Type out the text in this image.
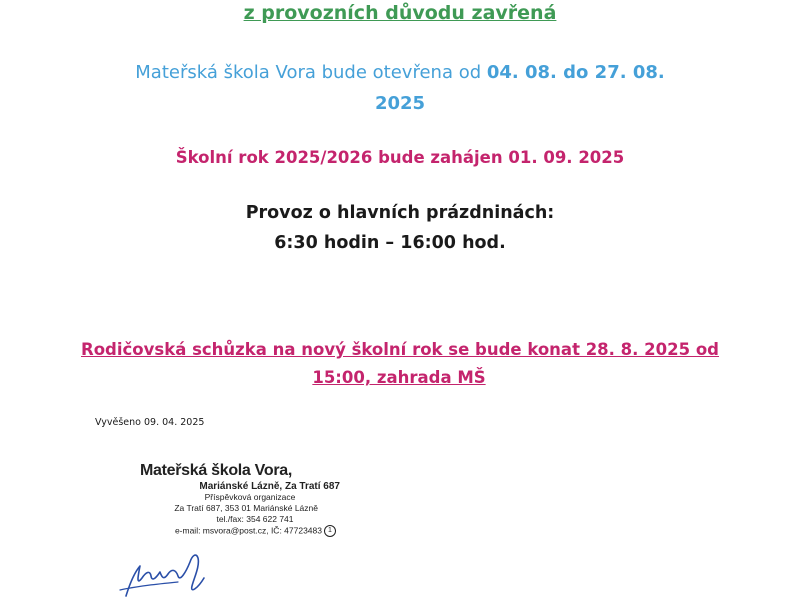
z provozních důvodu zavřená
Mateřská škola Vora bude otevřena od 04. 08. do 27. 08.
2025
Školní rok 2025/2026 bude zahájen 01. 09. 2025
Provoz o hlavních prázdninách:
6:30 hodin – 16:00 hod.
Rodičovská schůzka na nový školní rok se bude konat 28. 8. 2025 od
15:00, zahrada MŠ
Vyvěšeno 09. 04. 2025
Mateřská škola Vora,
Mariánské Lázně, Za Tratí 687
Příspěvková organizace
Za Tratí 687, 353 01 Mariánské Lázně
tel./fax: 354 622 741
e-mail: msvora@post.cz, IČ: 47723483 1
